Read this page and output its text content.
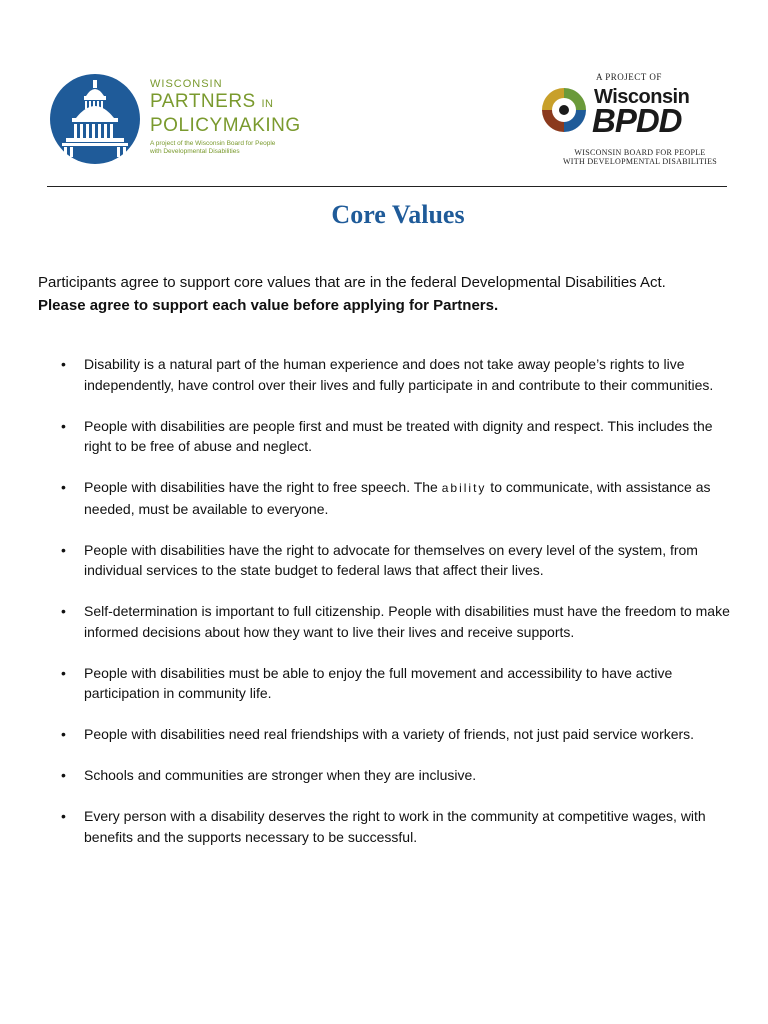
WISCONSIN
PARTNERS IN
POLICYMAKING
A project of the Wisconsin Board for People
with Developmental Disabilities
A PROJECT OF
Wisconsin
BPDD
WISCONSIN BOARD FOR PEOPLE
WITH DEVELOPMENTAL DISABILITIES
Core Values
Participants agree to support core values that are in the federal Developmental Disabilities Act.
Please agree to support each value before applying for Partners.
• Disability is a natural part of the human experience and does not take away people’s rights to live independently, have control over their lives and fully participate in and contribute to their communities.
• People with disabilities are people first and must be treated with dignity and respect. This includes the right to be free of abuse and neglect.
• People with disabilities have the right to free speech. The ability to communicate, with assistance as needed, must be available to everyone.
• People with disabilities have the right to advocate for themselves on every level of the system, from individual services to the state budget to federal laws that affect their lives.
• Self-determination is important to full citizenship. People with disabilities must have the freedom to make informed decisions about how they want to live their lives and receive supports.
• People with disabilities must be able to enjoy the full movement and accessibility to have active participation in community life.
• People with disabilities need real friendships with a variety of friends, not just paid service workers.
• Schools and communities are stronger when they are inclusive.
• Every person with a disability deserves the right to work in the community at competitive wages, with benefits and the supports necessary to be successful.
